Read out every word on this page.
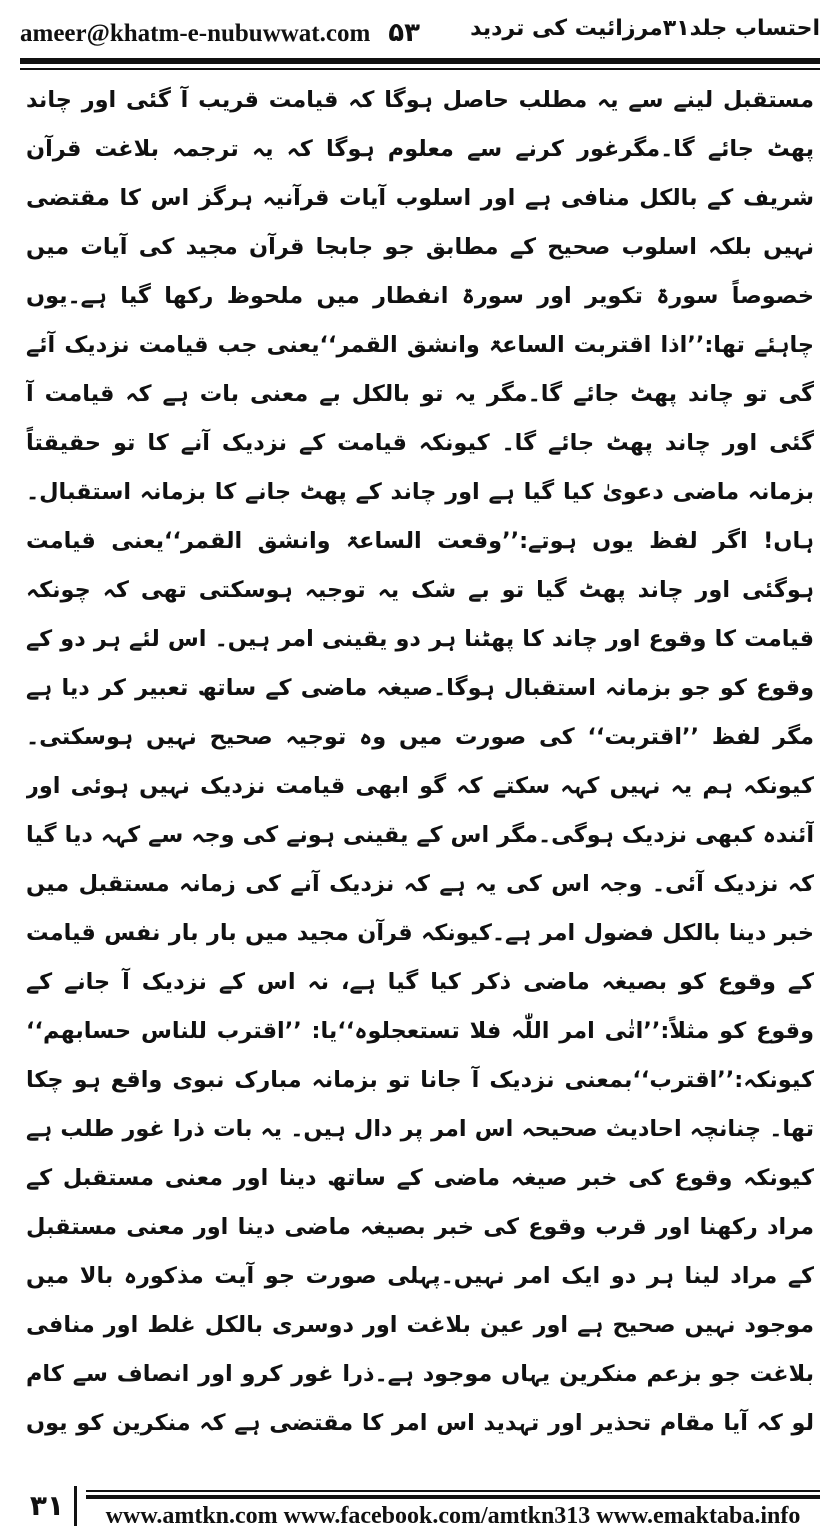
ameer@khatm-e-nubuwwat.com ۵۳ احتساب جلد۳۱مرزائیت کی تردید

مستقبل لینے سے یہ مطلب حاصل ہوگا کہ قیامت قریب آ گئی اور چاند پھٹ جائے گا۔مگرغور کرنے سے معلوم ہوگا کہ یہ ترجمہ بلاغت قرآن شریف کے بالکل منافی ہے اور اسلوب آیات قرآنیہ ہرگز اس کا مقتضی نہیں بلکہ اسلوب صحیح کے مطابق جو جابجا قرآن مجید کی آیات میں خصوصاً سورۃ تکویر اور سورۃ انفطار میں ملحوظ رکھا گیا ہے۔یوں چاہئے تھا:’’اذا اقتربت الساعۃ وانشق القمر‘‘یعنی جب قیامت نزدیک آئے گی تو چاند پھٹ جائے گا۔مگر یہ تو بالکل بے معنی بات ہے کہ قیامت آ گئی اور چاند پھٹ جائے گا۔ کیونکہ قیامت کے نزدیک آنے کا تو حقیقتاً بزمانہ ماضی دعویٰ کیا گیا ہے اور چاند کے پھٹ جانے کا بزمانہ استقبال۔ہاں! اگر لفظ یوں ہوتے:’’وقعت الساعۃ وانشق القمر‘‘یعنی قیامت ہوگئی اور چاند پھٹ گیا تو بے شک یہ توجیہ ہوسکتی تھی کہ چونکہ قیامت کا وقوع اور چاند کا پھٹنا ہر دو یقینی امر ہیں۔ اس لئے ہر دو کے وقوع کو جو بزمانہ استقبال ہوگا۔صیغہ ماضی کے ساتھ تعبیر کر دیا ہے مگر لفظ ’’اقتربت‘‘ کی صورت میں وہ توجیہ صحیح نہیں ہوسکتی۔کیونکہ ہم یہ نہیں کہہ سکتے کہ گو ابھی قیامت نزدیک نہیں ہوئی اور آئندہ کبھی نزدیک ہوگی۔مگر اس کے یقینی ہونے کی وجہ سے کہہ دیا گیا کہ نزدیک آئی۔ وجہ اس کی یہ ہے کہ نزدیک آنے کی زمانہ مستقبل میں خبر دینا بالکل فضول امر ہے۔کیونکہ قرآن مجید میں بار بار نفس قیامت کے وقوع کو بصیغہ ماضی ذکر کیا گیا ہے، نہ اس کے نزدیک آ جانے کے وقوع کو مثلاً:’’اتٰی امر اللّٰہ فلا تستعجلوہ‘‘یا: ’’اقترب للناس حسابھم‘‘ کیونکہ:’’اقترب‘‘بمعنی نزدیک آ جانا تو بزمانہ مبارک نبوی واقع ہو چکا تھا۔ چنانچہ احادیث صحیحہ اس امر پر دال ہیں۔ یہ بات ذرا غور طلب ہے کیونکہ وقوع کی خبر صیغہ ماضی کے ساتھ دینا اور معنی مستقبل کے مراد رکھنا اور قرب وقوع کی خبر بصیغہ ماضی دینا اور معنی مستقبل کے مراد لینا ہر دو ایک امر نہیں۔پہلی صورت جو آیت مذکورہ بالا میں موجود نہیں صحیح ہے اور عین بلاغت اور دوسری بالکل غلط اور منافی بلاغت جو بزعم منکرین یہاں موجود ہے۔ذرا غور کرو اور انصاف سے کام لو کہ آیا مقام تحذیر اور تہدید اس امر کا مقتضی ہے کہ منکرین کو یوں

۳۱	www.amtkn.com www.facebook.com/amtkn313 www.emaktaba.info
